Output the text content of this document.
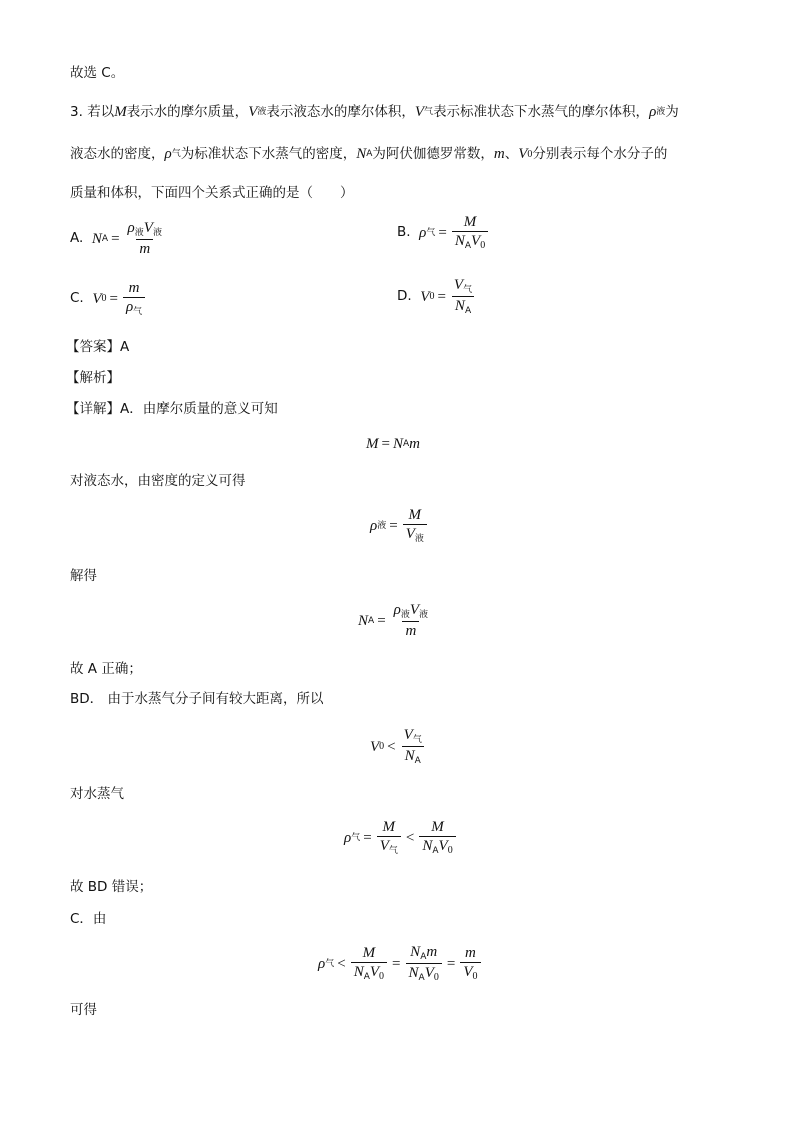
故选 C。
3.
若以 M 表示水的摩尔质量， V 液 表示液态水的摩尔体积， V 气 表示标准状态下水蒸气的摩尔体积， ρ 液 为
液态水的密度， ρ 气 为标准状态下水蒸气的密度， N A 为阿伏伽德罗常数， m 、 V 0 分别表示每个水分子的
质量和体积，下面四个关系式正确的是（　　）
A.
N $A = \frac{\rho_液V_液}{m}$	B.
ρ 气 = $\frac{M}{N_AV_0}$
C.
V $0 = \frac{m}{\rho_气}$	D.
V $0 = \frac{V_气}{N_A}$
【答案】A
【解析】
【详解】A．由摩尔质量的意义可知
M = N A m
对液态水，由密度的定义可得
ρ 液 = $\frac{M}{V_液}$
解得
N $A = \frac{\rho_液V_液}{m}$
故 A 正确；
BD． 由于水蒸气分子间有较大距离，所以
V $0 < \frac{V_气}{N_A}$
对水蒸气
ρ 气 = $\frac{M}{V_气} < \frac{M}{N_AV_0}$
故 BD 错误；
C．由
ρ 气 < $\frac{M}{N_AV_0} = \frac{N_Am}{N_AV_0} = \frac{m}{V_0}$
可得
